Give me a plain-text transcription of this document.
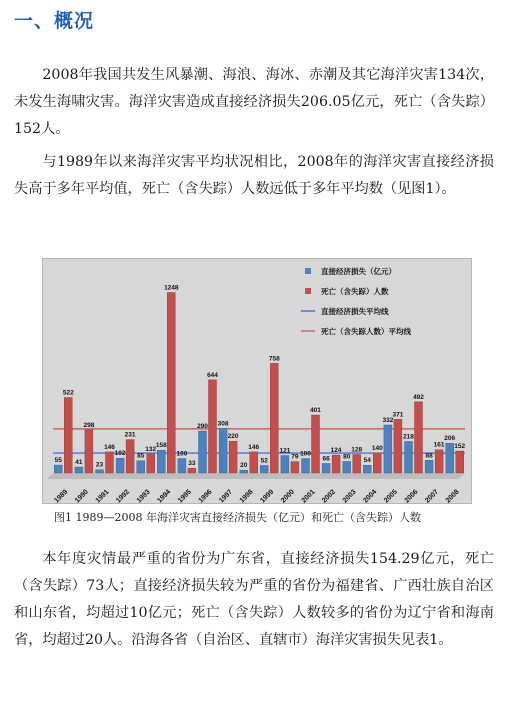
一、概况

2008年我国共发生风暴潮、海浪、海冰、赤潮及其它海洋灾害134次，未发生海啸灾害。海洋灾害造成直接经济损失206.05亿元，死亡（含失踪）152人。

与1989年以来海洋灾害平均状况相比，2008年的海洋灾害直接经济损失高于多年平均值，死亡（含失踪）人数远低于多年平均数（见图1）。

55
522
1989
41
298
1990
23
146
1991
102
231
1992
85
132
1993
158
1248
1994
100
33
1995
290
644
1996
308
220
1997
20
146
1998
52
758
1999
121
79
2000
100
401
2001
66
124
2002
80
128
2003
54
140
2004
332
371
2005
218
492
2006
88
161
2007
206
152
2008
直接经济损失（亿元）
死亡（含失踪）人数
直接经济损失平均线
死亡（含失踪人数）平均线
图1 1989—2008 年海洋灾害直接经济损失（亿元）和死亡（含失踪）人数

本年度灾情最严重的省份为广东省，直接经济损失154.29亿元，死亡（含失踪）73人；直接经济损失较为严重的省份为福建省、广西壮族自治区和山东省，均超过10亿元；死亡（含失踪）人数较多的省份为辽宁省和海南省，均超过20人。沿海各省（自治区、直辖市）海洋灾害损失见表1。
